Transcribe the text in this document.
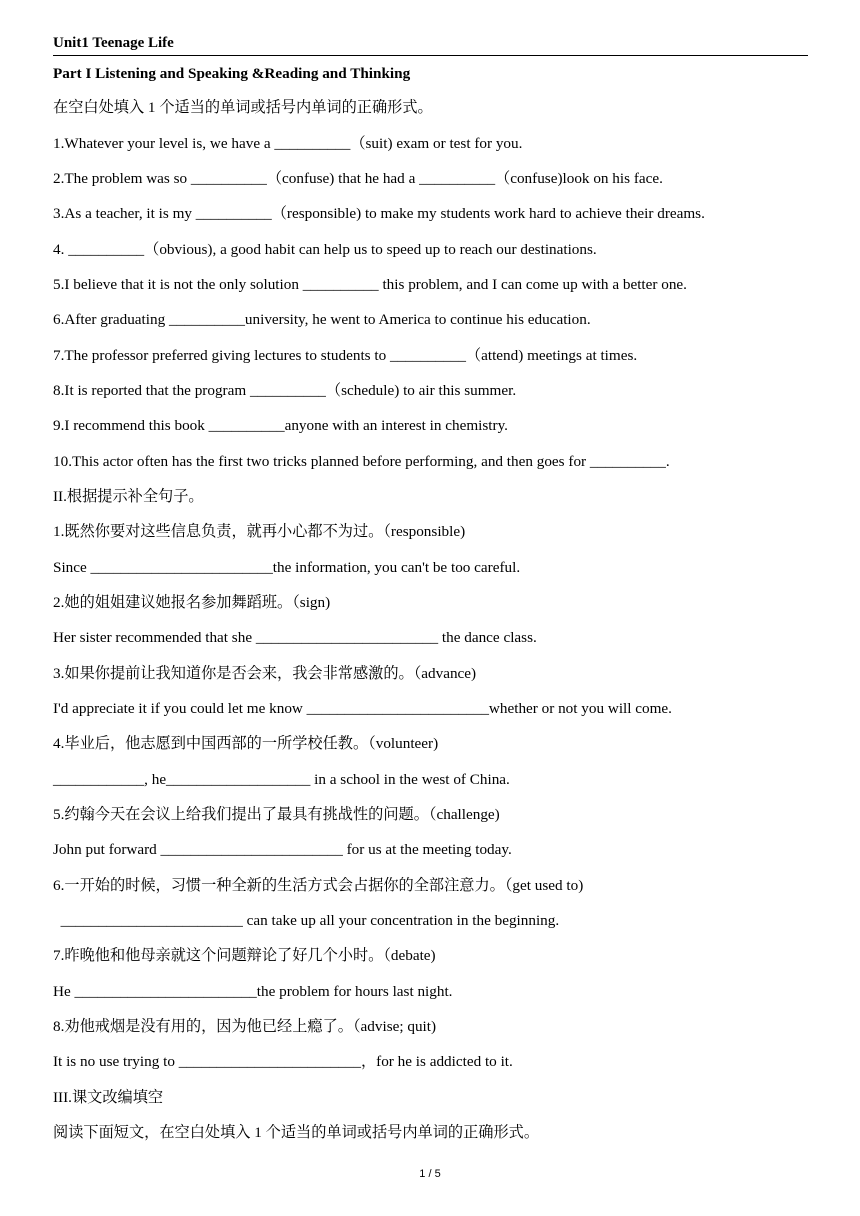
Unit1 Teenage Life
Part I Listening and Speaking &Reading and Thinking
在空白处填入 1 个适当的单词或括号内单词的正确形式。
1.Whatever your level is, we have a __________（suit) exam or test for you.
2.The problem was so __________（confuse) that he had a __________（confuse)look on his face.
3.As a teacher, it is my __________（responsible) to make my students work hard to achieve their dreams.
4. __________（obvious), a good habit can help us to speed up to reach our destinations.
5.I believe that it is not the only solution __________ this problem, and I can come up with a better one.
6.After graduating __________university, he went to America to continue his education.
7.The professor preferred giving lectures to students to __________（attend) meetings at times.
8.It is reported that the program __________（schedule) to air this summer.
9.I recommend this book __________anyone with an interest in chemistry.
10.This actor often has the first two tricks planned before performing, and then goes for __________.
II.根据提示补全句子。
1.既然你要对这些信息负责，就再小心都不为过。（responsible)
Since ________________________the information, you can't be too careful.
2.她的姐姐建议她报名参加舞蹈班。（sign)
Her sister recommended that she ________________________ the dance class.
3.如果你提前让我知道你是否会来，我会非常感激的。（advance)
I'd appreciate it if you could let me know ________________________whether or not you will come.
4.毕业后，他志愿到中国西部的一所学校任教。（volunteer)
____________, he___________________ in a school in the west of China.
5.约翰今天在会议上给我们提出了最具有挑战性的问题。（challenge)
John put forward ________________________ for us at the meeting today.
6.一开始的时候，习惯一种全新的生活方式会占据你的全部注意力。（get used to)
________________________ can take up all your concentration in the beginning.
7.昨晚他和他母亲就这个问题辩论了好几个小时。（debate)
He ________________________the problem for hours last night.
8.劝他戒烟是没有用的，因为他已经上瘾了。（advise; quit)
It is no use trying to ________________________，for he is addicted to it.
III.课文改编填空
阅读下面短文，在空白处填入 1 个适当的单词或括号内单词的正确形式。
1 / 5
